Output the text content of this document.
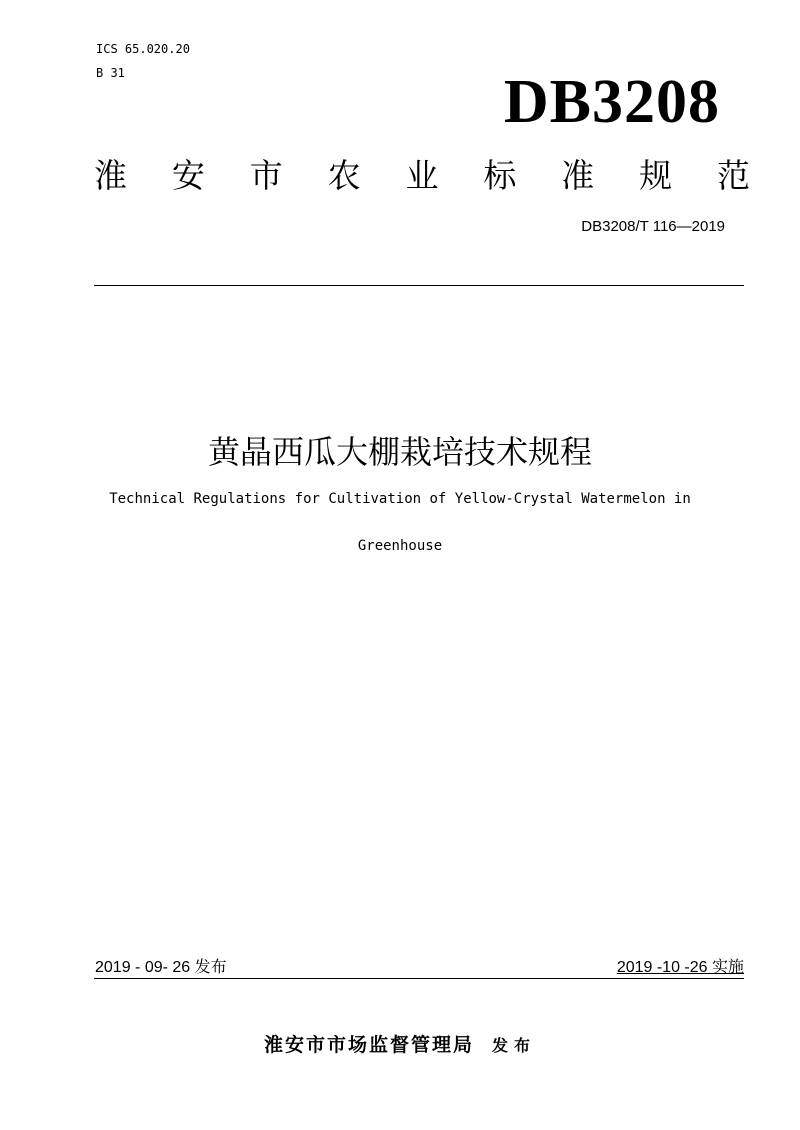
ICS 65.020.20
B 31	DB3208
淮 安 市 农 业 标 准 规 范
DB3208/T 116—2019
黄晶西瓜大棚栽培技术规程
Technical Regulations for Cultivation of Yellow-Crystal Watermelon in
Greenhouse
2019 - 09- 26 发布	2019 -10 -26 实施
淮安市市场监督管理局 发布
